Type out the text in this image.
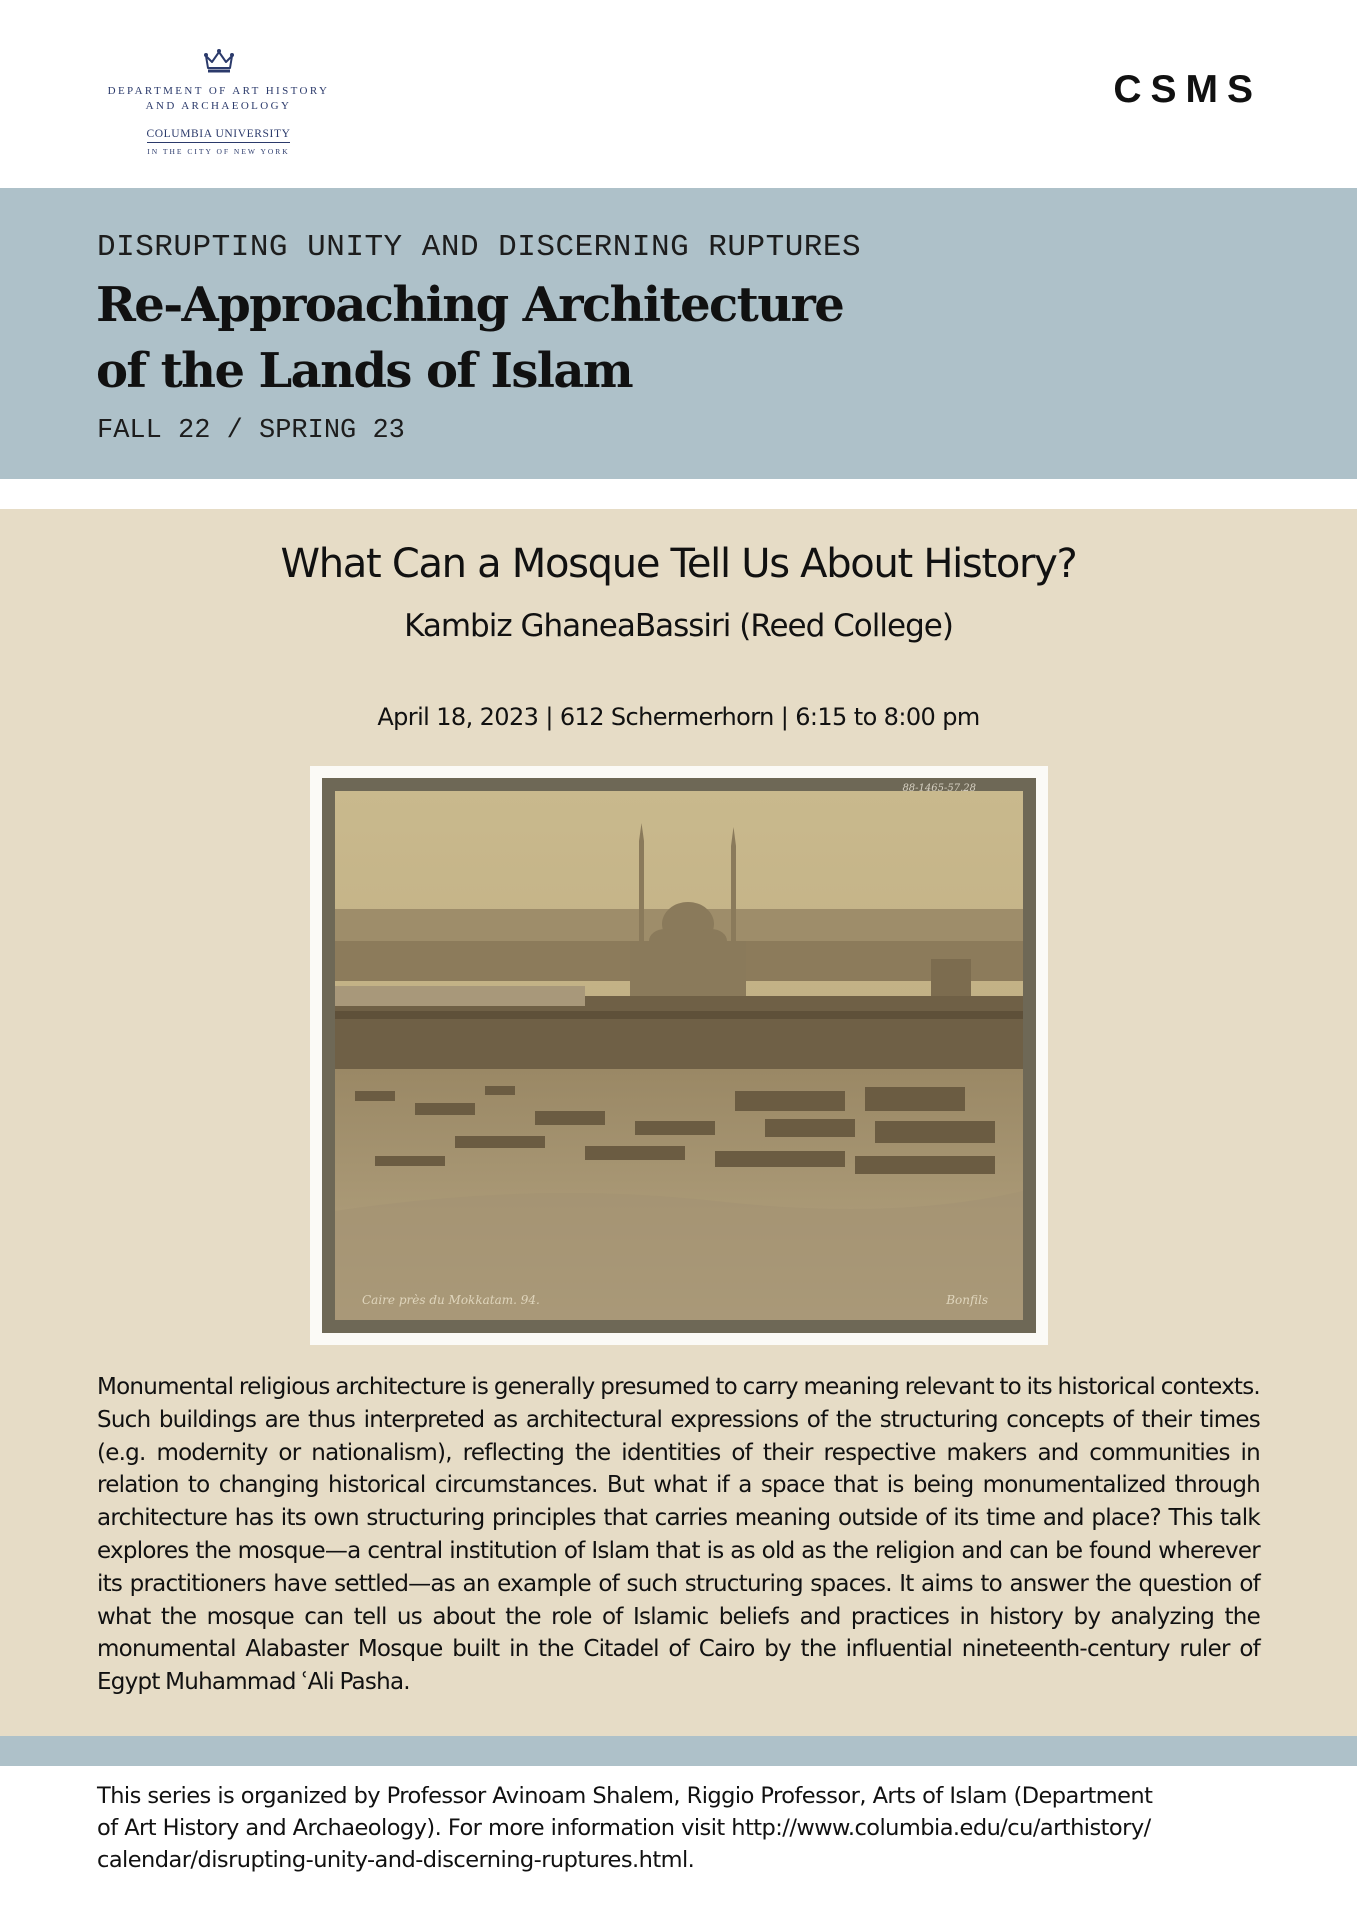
DEPARTMENT OF ART HISTORY
AND ARCHAEOLOGY
COLUMBIA UNIVERSITY
IN THE CITY OF NEW YORK
CSMS
DISRUPTING UNITY AND DISCERNING RUPTURES
Re-Approaching Architecture
of the Lands of Islam
FALL 22 / SPRING 23
What Can a Mosque Tell Us About History?
Kambiz GhaneaBassiri (Reed College)
April 18, 2023 | 612 Schermerhorn | 6:15 to 8:00 pm
Caire près du Mokkatam. 94.	Bonfils
88-1465-57.28

Monumental religious architecture is generally presumed to carry meaning relevant to its historical contexts. Such buildings are thus interpreted as architectural expressions of the structuring concepts of their times (e.g. modernity or nationalism), reflecting the identities of their respective makers and communities in relation to changing historical circumstances. But what if a space that is being monumentalized through architecture has its own structuring principles that carries meaning outside of its time and place? This talk explores the mosque—a central institution of Islam that is as old as the religion and can be found wherever its practitioners have settled—as an example of such structuring spaces. It aims to answer the question of what the mosque can tell us about the role of Islamic beliefs and practices in history by analyzing the monumental Alabaster Mosque built in the Citadel of Cairo by the influential nineteenth-century ruler of Egypt Muhammad ʿAli Pasha.

This series is organized by Professor Avinoam Shalem, Riggio Professor, Arts of Islam (Department
of Art History and Archaeology). For more information visit http://www.columbia.edu/cu/arthistory/
calendar/disrupting-unity-and-discerning-ruptures.html.
